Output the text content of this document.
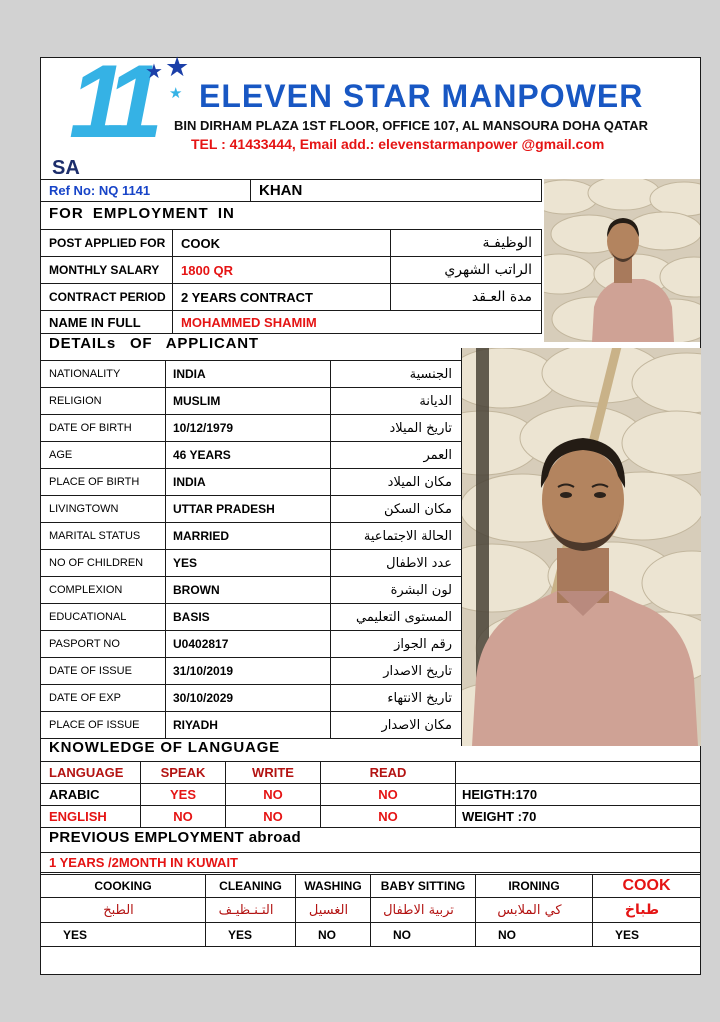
11
★ ★
★
SA
ELEVEN STAR MANPOWER
BIN DIRHAM PLAZA 1ST FLOOR, OFFICE 107, AL MANSOURA DOHA QATAR
TEL : 41433444, Email add.: elevenstarmanpower @gmail.com
Ref No: NQ 1141	KHAN
FOR EMPLOYMENT IN
POST APPLIED FOR	COOK	الوظيفـة
MONTHLY SALARY	1800 QR	الراتب الشهري
CONTRACT PERIOD	2 YEARS CONTRACT	مدة العـقد
NAME IN FULL	MOHAMMED SHAMIM
DETAILs OF APPLICANT
NATIONALITY	INDIA	الجنسية
RELIGION	MUSLIM	الديانة
DATE OF BIRTH	10/12/1979	تاريخ الميلاد
AGE	46 YEARS	العمر
PLACE OF BIRTH	INDIA	مكان الميلاد
LIVINGTOWN	UTTAR PRADESH	مكان السكن
MARITAL STATUS	MARRIED	الحالة الاجتماعية
NO OF CHILDREN	YES	عدد الاطفال
COMPLEXION	BROWN	لون البشرة
EDUCATIONAL	BASIS	المستوى التعليمي
PASPORT NO	U0402817	رقم الجواز
DATE OF ISSUE	31/10/2019	تاريخ الاصدار
DATE OF EXP	30/10/2029	تاريخ الانتهاء
PLACE OF ISSUE	RIYADH	مكان الاصدار
KNOWLEDGE OF LANGUAGE
LANGUAGE	SPEAK	WRITE	READ
ARABIC	YES	NO	NO	HEIGTH:170
ENGLISH	NO	NO	NO	WEIGHT :70
PREVIOUS EMPLOYMENT abroad
1 YEARS /2MONTH IN KUWAIT
COOKING	CLEANING	WASHING	BABY SITTING	IRONING	COOK
الطبخ	التـنـظيـف	الغسيل	تربية الاطفال	كي الملابس	طباخ
YES	YES	NO	NO	NO	YES
